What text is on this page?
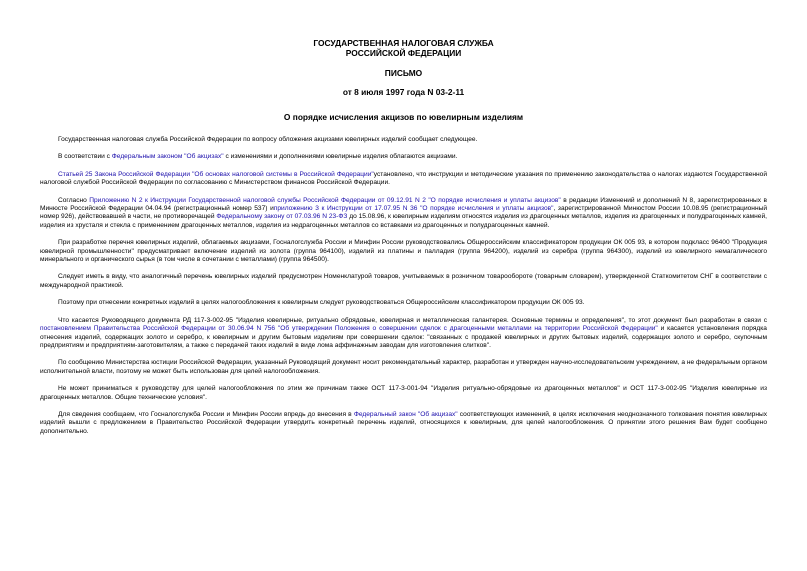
ГОСУДАРСТВЕННАЯ НАЛОГОВАЯ СЛУЖБА
РОССИЙСКОЙ ФЕДЕРАЦИИ
ПИСЬМО
от 8 июля 1997 года N 03-2-11
О порядке исчисления акцизов по ювелирным изделиям

Государственная налоговая служба Российской Федерации по вопросу обложения акцизами ювелирных изделий сообщает следующее.

В соответствии с Федеральным законом "Об акцизах" с изменениями и дополнениями ювелирные изделия облагаются акцизами.

Статьей 25 Закона Российской Федерации "Об основах налоговой системы в Российской Федерации"установлено, что инструкции и методические указания по применению законодательства о налогах издаются Государственной налоговой службой Российской Федерации по согласованию с Министерством финансов Российской Федерации.

Согласно Приложению N 2 к Инструкции Государственной налоговой службы Российской Федерации от 09.12.91 N 2 "О порядке исчисления и уплаты акцизов" в редакции Изменений и дополнений N 8, зарегистрированных в Минюсте Российской Федерации 04.04.94 (регистрационный номер 537) иприложению 3 к Инструкции от 17.07.95 N 36 "О порядке исчисления и уплаты акцизов", зарегистрированной Минюстом России 10.08.95 (регистрационный номер 926), действовавшей в части, не противоречащей Федеральному закону от 07.03.96 N 23-ФЗ до 15.08.96, к ювелирным изделиям относятся изделия из драгоценных металлов, изделия из драгоценных и полудрагоценных камней, изделия из хрусталя и стекла с применением драгоценных металлов, изделия из недрагоценных металлов со вставками из драгоценных и полудрагоценных камней.

При разработке перечня ювелирных изделий, облагаемых акцизами, Госналогслужба России и Минфин России руководствовались Общероссийским классификатором продукции ОК 005 93, в котором подкласс 96400 "Продукция ювелирной промышленности" предусматривает включение изделий из золота (группа 964100), изделий из платины и палладия (группа 964200), изделий из серебра (группа 964300), изделий из ювелирного немагалического минерального и органического сырья (в том числе в сочетании с металлами) (группа 964500).

Следует иметь в виду, что аналогичный перечень ювелирных изделий предусмотрен Номенклатурой товаров, учитываемых в розничном товарообороте (товарным словарем), утвержденной Статкомитетом СНГ в соответствии с международной практикой.

Поэтому при отнесении конкретных изделий в целях налогообложения к ювелирным следует руководствоваться Общероссийским классификатором продукции ОК 005 93.

Что касается Руководящего документа РД 117-3-002-95 "Изделия ювелирные, ритуально обрядовые, ювелирная и металлическая галантерея. Основные термины и определения", то этот документ был разработан в связи с постановлением Правительства Российской Федерации от 30.06.94 N 756 "Об утверждении Положения о совершении сделок с драгоценными металлами на территории Российской Федерации" и касается установления порядка отнесения изделий, содержащих золото и серебро, к ювелирным и другим бытовым изделиям при совершении сделок: "связанных с продажей ювелирных и других бытовых изделий, содержащих золото и серебро, скупочным предприятиям и предприятиям-заготовителям, а также с передачей таких изделий в виде лома аффинажным заводам для изготовления слитков".

По сообщению Министерства юстиции Российской Федерации, указанный Руководящий документ носит рекомендательный характер, разработан и утвержден научно-исследовательским учреждением, а не федеральным органом исполнительной власти, поэтому не может быть использован для целей налогообложения.

Не может приниматься к руководству для целей налогообложения по этим же причинам также ОСТ 117-3-001-94 "Изделия ритуально-обрядовые из драгоценных металлов" и ОСТ 117-3-002-95 "Изделия ювелирные из драгоценных металлов. Общие технические условия".

Для сведения сообщаем, что Госналогслужба России и Минфин России впредь до внесения в Федеральный закон "Об акцизах" соответствующих изменений, в целях исключения неоднозначного толкования понятия ювелирных изделий вышли с предложением в Правительство Российской Федерации утвердить конкретный перечень изделий, относящихся к ювелирным, для целей налогообложения. О принятии этого решения Вам будет сообщено дополнительно.
